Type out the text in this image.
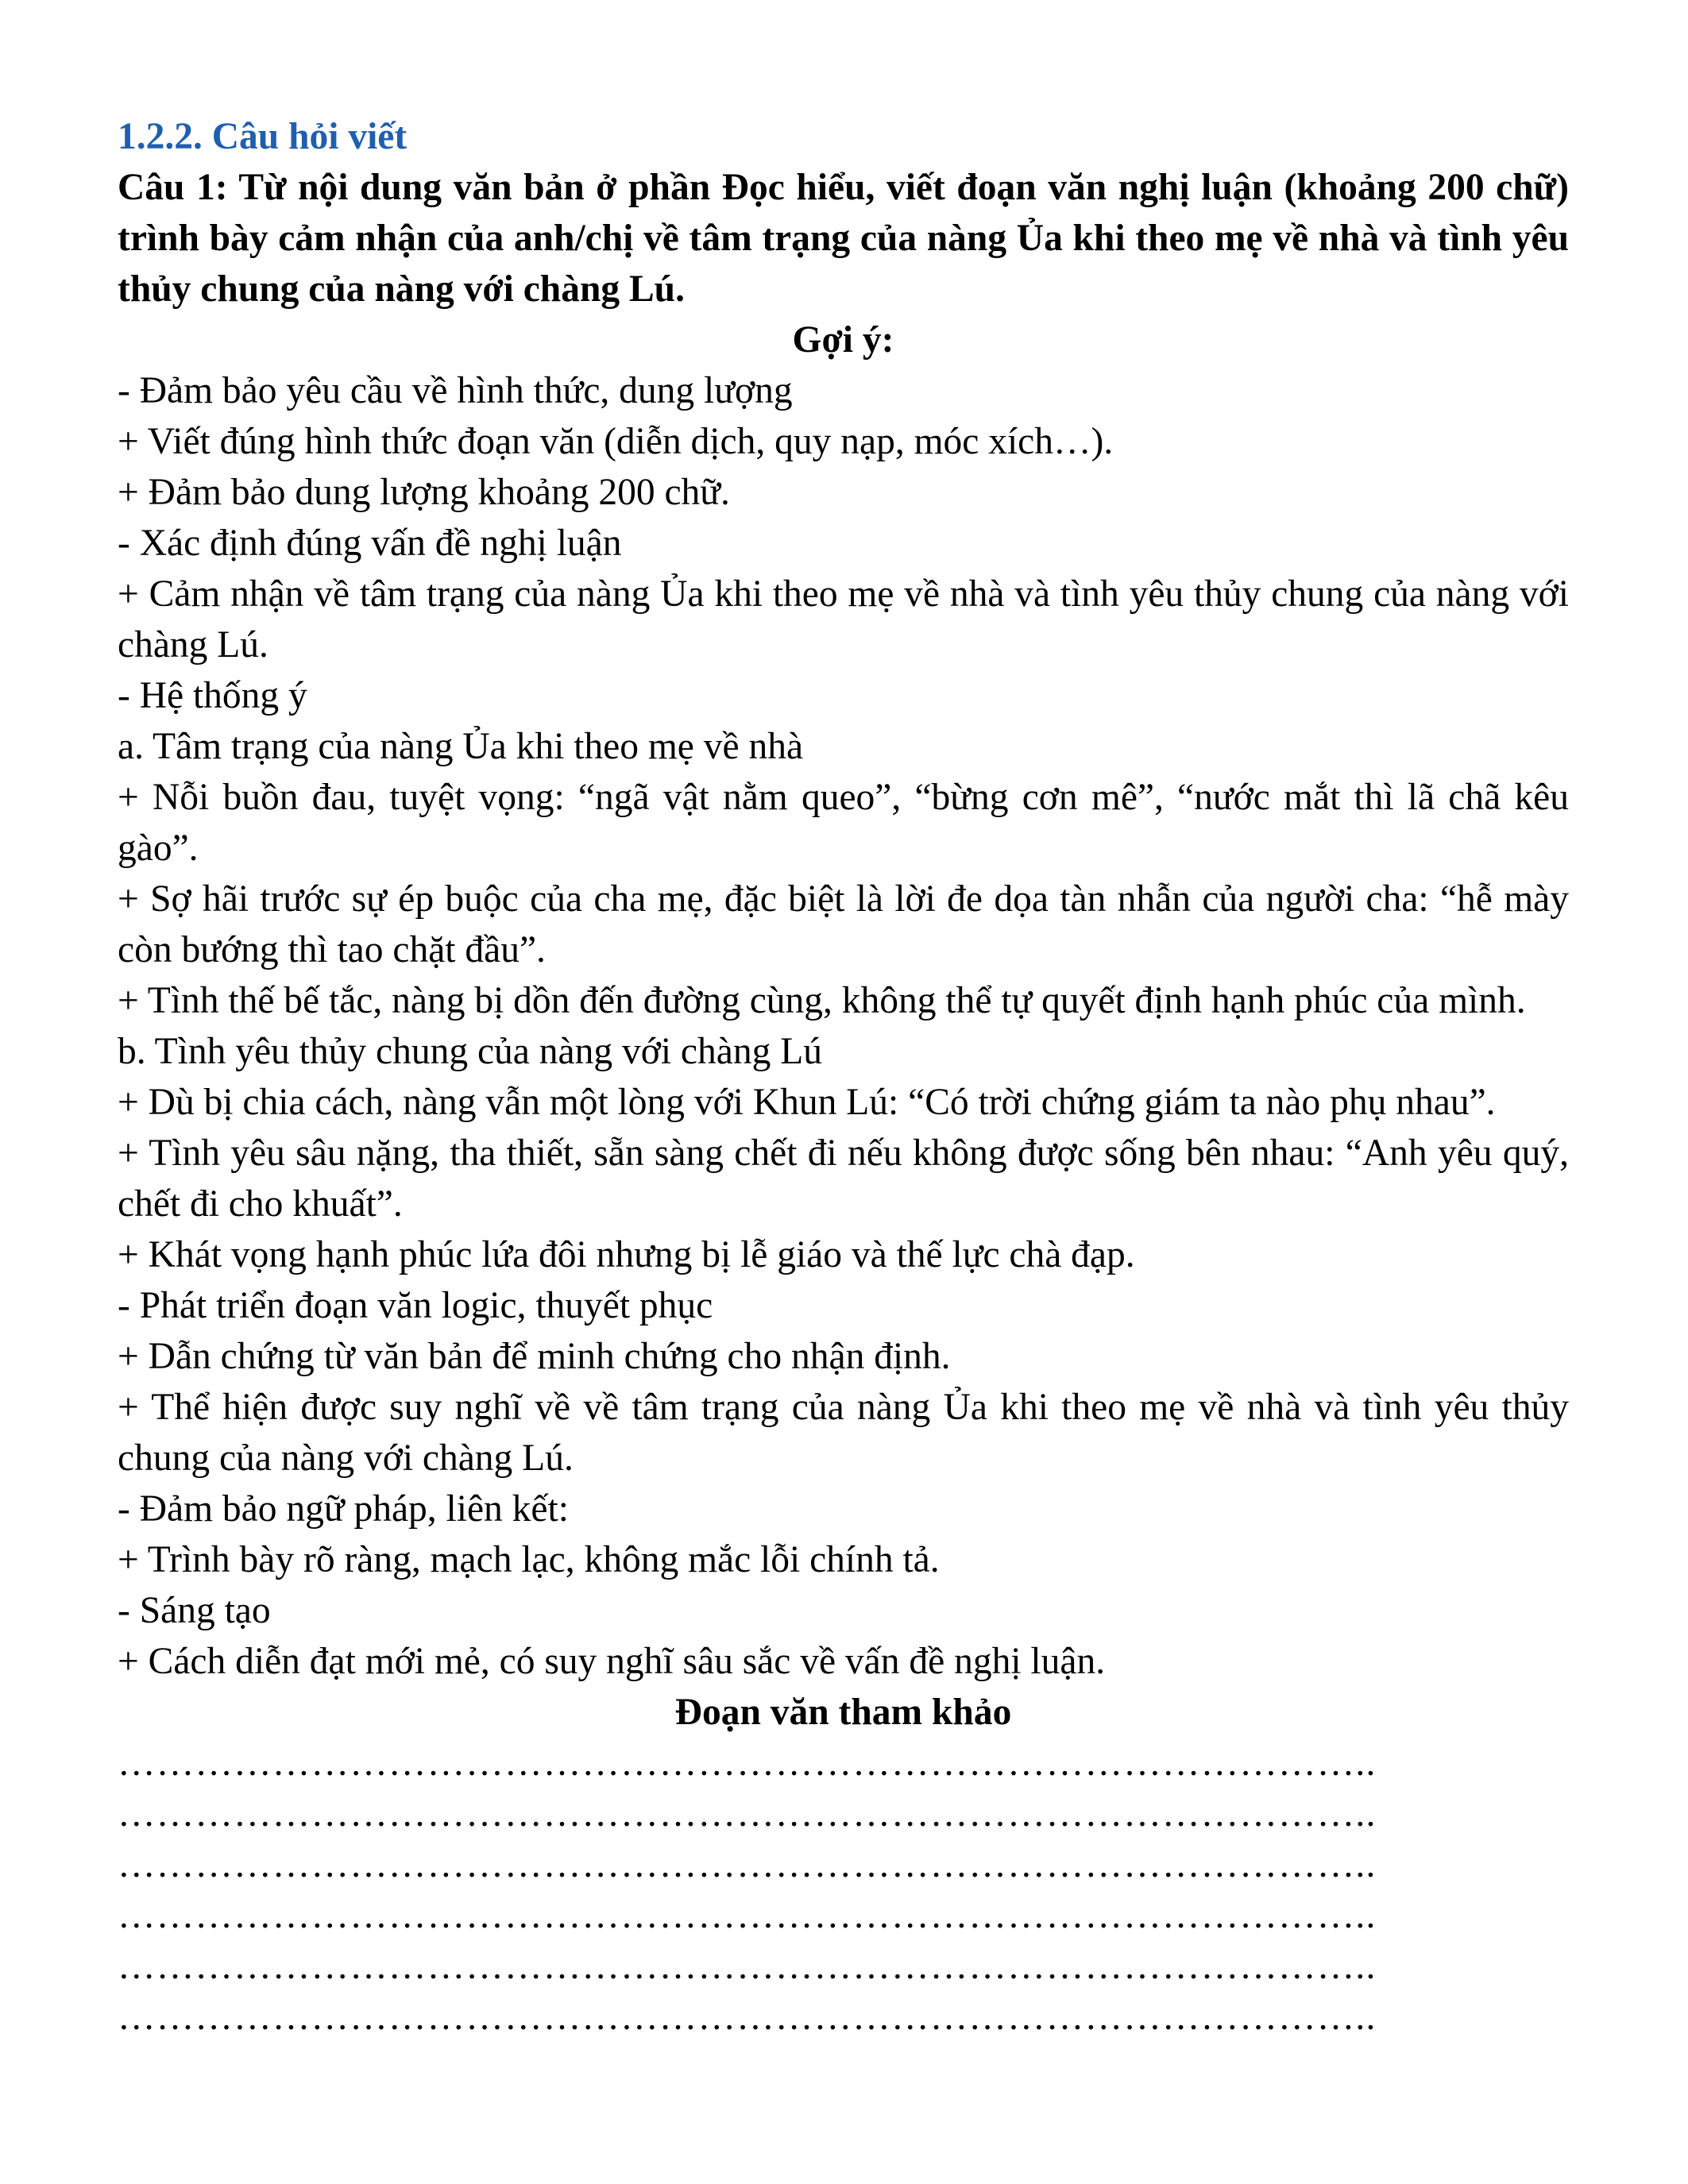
1.2.2. Câu hỏi viết

Câu 1: Từ nội dung văn bản ở phần Đọc hiểu, viết đoạn văn nghị luận (khoảng 200 chữ) trình bày cảm nhận của anh/chị về tâm trạng của nàng Ủa khi theo mẹ về nhà và tình yêu thủy chung của nàng với chàng Lú.

Gợi ý:

- Đảm bảo yêu cầu về hình thức, dung lượng

+ Viết đúng hình thức đoạn văn (diễn dịch, quy nạp, móc xích…).

+ Đảm bảo dung lượng khoảng 200 chữ.

- Xác định đúng vấn đề nghị luận

+ Cảm nhận về tâm trạng của nàng Ủa khi theo mẹ về nhà và tình yêu thủy chung của nàng với chàng Lú.

- Hệ thống ý

a. Tâm trạng của nàng Ủa khi theo mẹ về nhà

+ Nỗi buồn đau, tuyệt vọng: “ngã vật nằm queo”, “bừng cơn mê”, “nước mắt thì lã chã kêu gào”.

+ Sợ hãi trước sự ép buộc của cha mẹ, đặc biệt là lời đe dọa tàn nhẫn của người cha: “hễ mày còn bướng thì tao chặt đầu”.

+ Tình thế bế tắc, nàng bị dồn đến đường cùng, không thể tự quyết định hạnh phúc của mình.

b. Tình yêu thủy chung của nàng với chàng Lú

+ Dù bị chia cách, nàng vẫn một lòng với Khun Lú: “Có trời chứng giám ta nào phụ nhau”.

+ Tình yêu sâu nặng, tha thiết, sẵn sàng chết đi nếu không được sống bên nhau: “Anh yêu quý, chết đi cho khuất”.

+ Khát vọng hạnh phúc lứa đôi nhưng bị lễ giáo và thế lực chà đạp.

- Phát triển đoạn văn logic, thuyết phục

+ Dẫn chứng từ văn bản để minh chứng cho nhận định.

+ Thể hiện được suy nghĩ về về tâm trạng của nàng Ủa khi theo mẹ về nhà và tình yêu thủy chung của nàng với chàng Lú.

- Đảm bảo ngữ pháp, liên kết:

+ Trình bày rõ ràng, mạch lạc, không mắc lỗi chính tả.

- Sáng tạo

+ Cách diễn đạt mới mẻ, có suy nghĩ sâu sắc về vấn đề nghị luận.

Đoạn văn tham khảo

……………………………………………………………………………………..

……………………………………………………………………………………..

……………………………………………………………………………………..

……………………………………………………………………………………..

……………………………………………………………………………………..

……………………………………………………………………………………..
